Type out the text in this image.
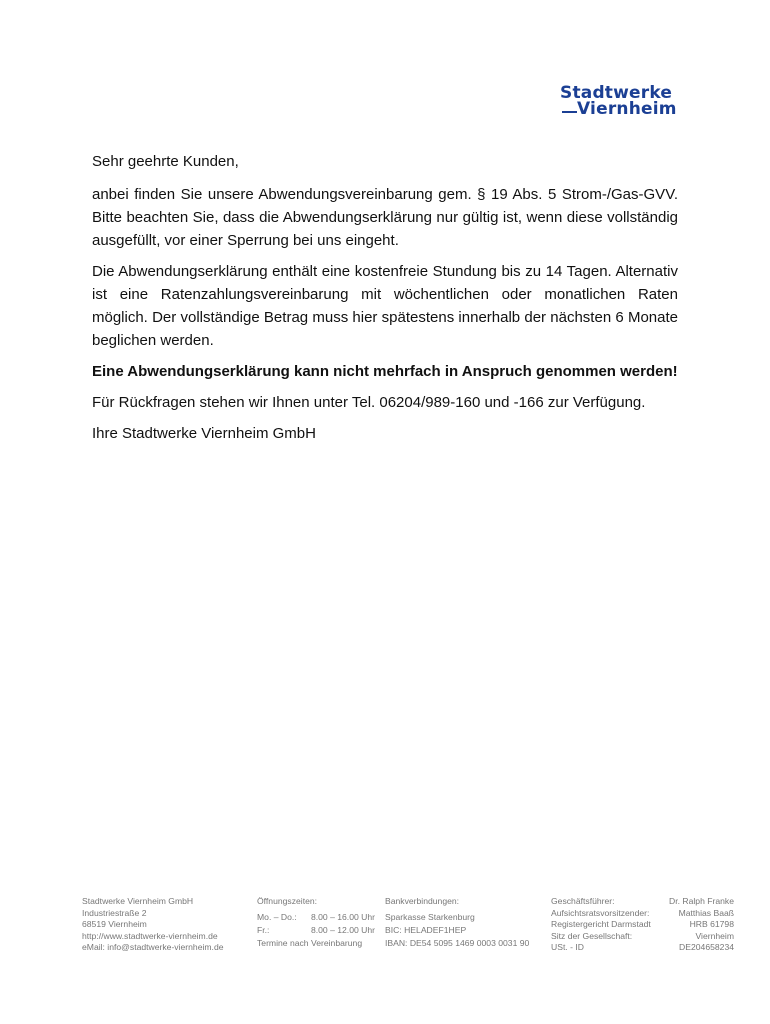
Stadtwerke
Viernheim

Sehr geehrte Kunden,

anbei finden Sie unsere Abwendungsvereinbarung gem. § 19 Abs. 5 Strom-/Gas-GVV. Bitte beachten Sie, dass die Abwendungserklärung nur gültig ist, wenn diese vollständig ausgefüllt, vor einer Sperrung bei uns eingeht.

Die Abwendungserklärung enthält eine kostenfreie Stundung bis zu 14 Tagen. Alternativ ist eine Ratenzahlungsvereinbarung mit wöchentlichen oder monatlichen Raten möglich. Der vollständige Betrag muss hier spätestens innerhalb der nächsten 6 Monate beglichen werden.

Eine Abwendungserklärung kann nicht mehrfach in Anspruch genommen werden!

Für Rückfragen stehen wir Ihnen unter Tel. 06204/989-160 und -166 zur Verfügung.

Ihre Stadtwerke Viernheim GmbH

Stadtwerke Viernheim GmbH
Industriestraße 2
68519 Viernheim
http://www.stadtwerke-viernheim.de
eMail: info@stadtwerke-viernheim.de
Öffnungszeiten:
Mo. – Do.: 8.00 – 16.00 Uhr
Fr.:	8.00 – 12.00 Uhr
Termine nach Vereinbarung
Bankverbindungen:
Sparkasse Starkenburg
BIC: HELADEF1HEP
IBAN: DE54 5095 1469 0003 0031 90
Geschäftsführer:
Aufsichtsratsvorsitzender:
Registergericht Darmstadt
Sitz der Gesellschaft:
USt. - ID
Dr. Ralph Franke
Matthias Baaß
HRB 61798
Viernheim
DE204658234
